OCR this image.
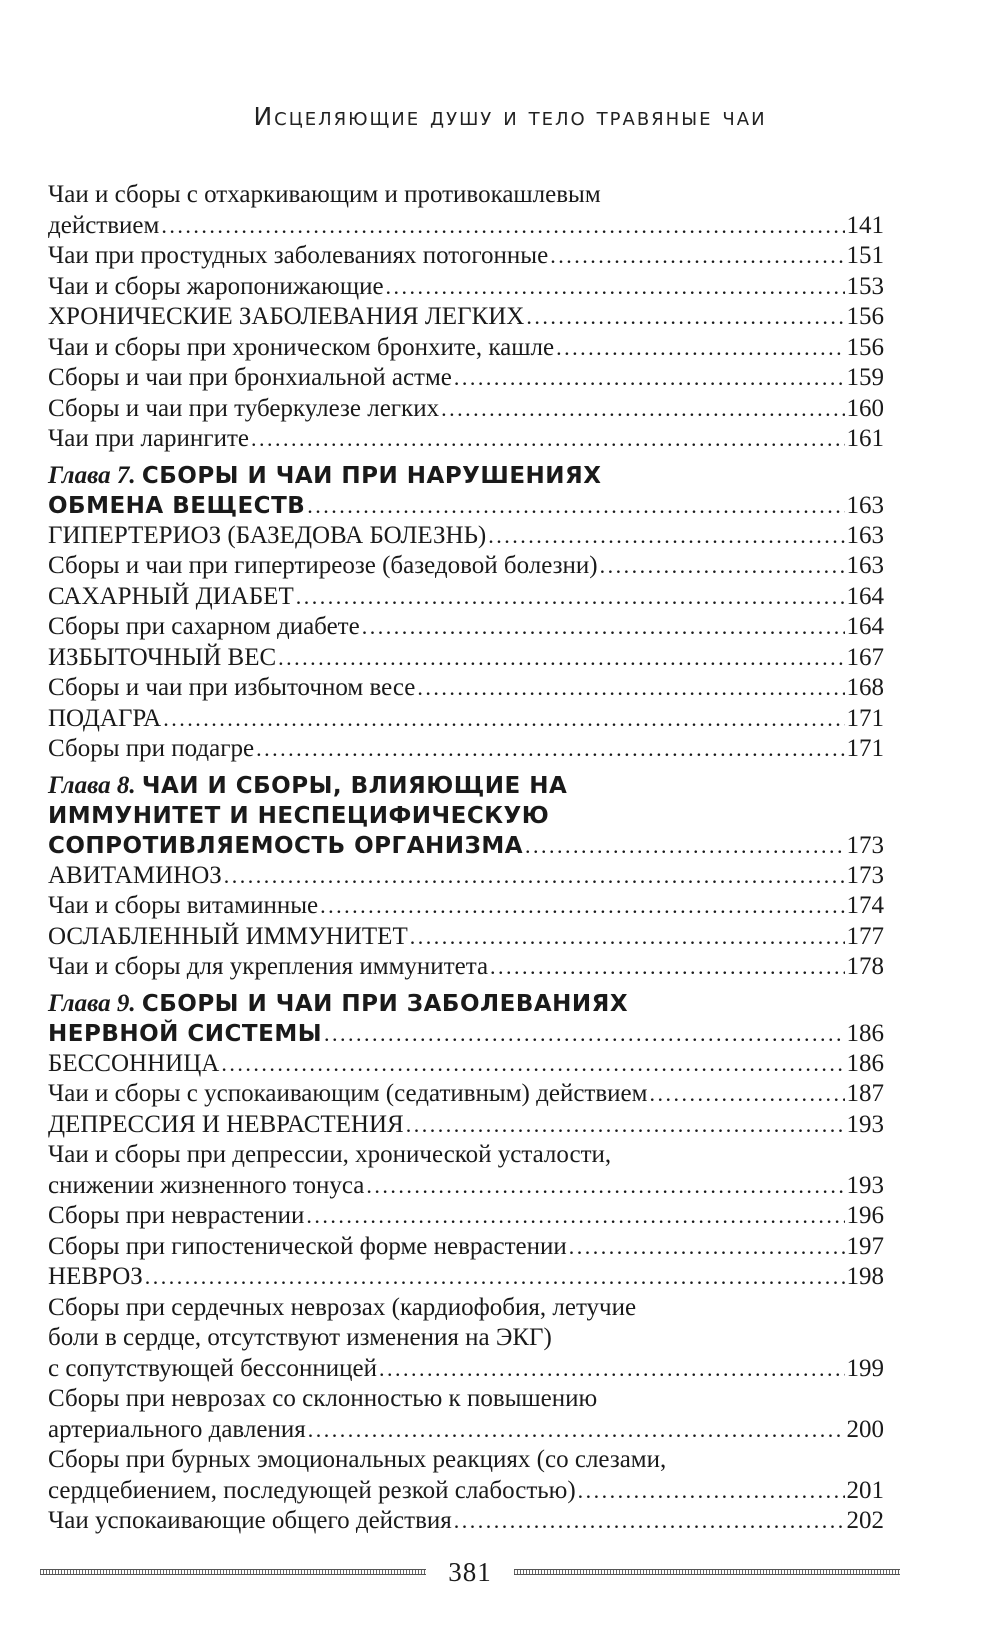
Исцеляющие душу и тело травяные чаи
Чаи и сборы с отхаркивающим и противокашлевым
действием . . .	141
Чаи при простудных заболеваниях потогонные . . .	151
Чаи и сборы жаропонижающие . . .	153
ХРОНИЧЕСКИЕ ЗАБОЛЕВАНИЯ ЛЕГКИХ . . .	156
Чаи и сборы при хроническом бронхите, кашле . . .	156
Сборы и чаи при бронхиальной астме . . .	159
Сборы и чаи при туберкулезе легких . . .	160
Чаи при ларингите . . .	161
Глава 7.
СБОРЫ И ЧАИ ПРИ НАРУШЕНИЯХ
ОБМЕНА ВЕЩЕСТВ . . .	163
ГИПЕРТЕРИОЗ (БАЗЕДОВА БОЛЕЗНЬ) . . .	163
Сборы и чаи при гипертиреозе (базедовой болезни) . . .	163
САХАРНЫЙ ДИАБЕТ . . .	164
Сборы при сахарном диабете . . .	164
ИЗБЫТОЧНЫЙ ВЕС . . .	167
Сборы и чаи при избыточном весе . . .	168
ПОДАГРА . . .	171
Сборы при подагре . . .	171
Глава 8.
ЧАИ И СБОРЫ, ВЛИЯЮЩИЕ НА
ИММУНИТЕТ И НЕСПЕЦИФИЧЕСКУЮ
СОПРОТИВЛЯЕМОСТЬ ОРГАНИЗМА . . .	173
АВИТАМИНОЗ . . .	173
Чаи и сборы витаминные . . .	174
ОСЛАБЛЕННЫЙ ИММУНИТЕТ . . .	177
Чаи и сборы для укрепления иммунитета . . .	178
Глава 9.
СБОРЫ И ЧАИ ПРИ ЗАБОЛЕВАНИЯХ
НЕРВНОЙ СИСТЕМЫ . . .	186
БЕССОННИЦА . . .	186
Чаи и сборы с успокаивающим (седативным) действием . . .	187
ДЕПРЕССИЯ И НЕВРАСТЕНИЯ . . .	193
Чаи и сборы при депрессии, хронической усталости,
снижении жизненного тонуса . . .	193
Сборы при неврастении . . .	196
Сборы при гипостенической форме неврастении . . .	197
НЕВРОЗ . . .	198
Сборы при сердечных неврозах (кардиофобия, летучие
боли в сердце, отсутствуют изменения на ЭКГ)
с сопутствующей бессонницей . . .	199
Сборы при неврозах со склонностью к повышению
артериального давления . . .	200
Сборы при бурных эмоциональных реакциях (со слезами,
сердцебиением, последующей резкой слабостью) . . .	201
Чаи успокаивающие общего действия . . .	202
381
